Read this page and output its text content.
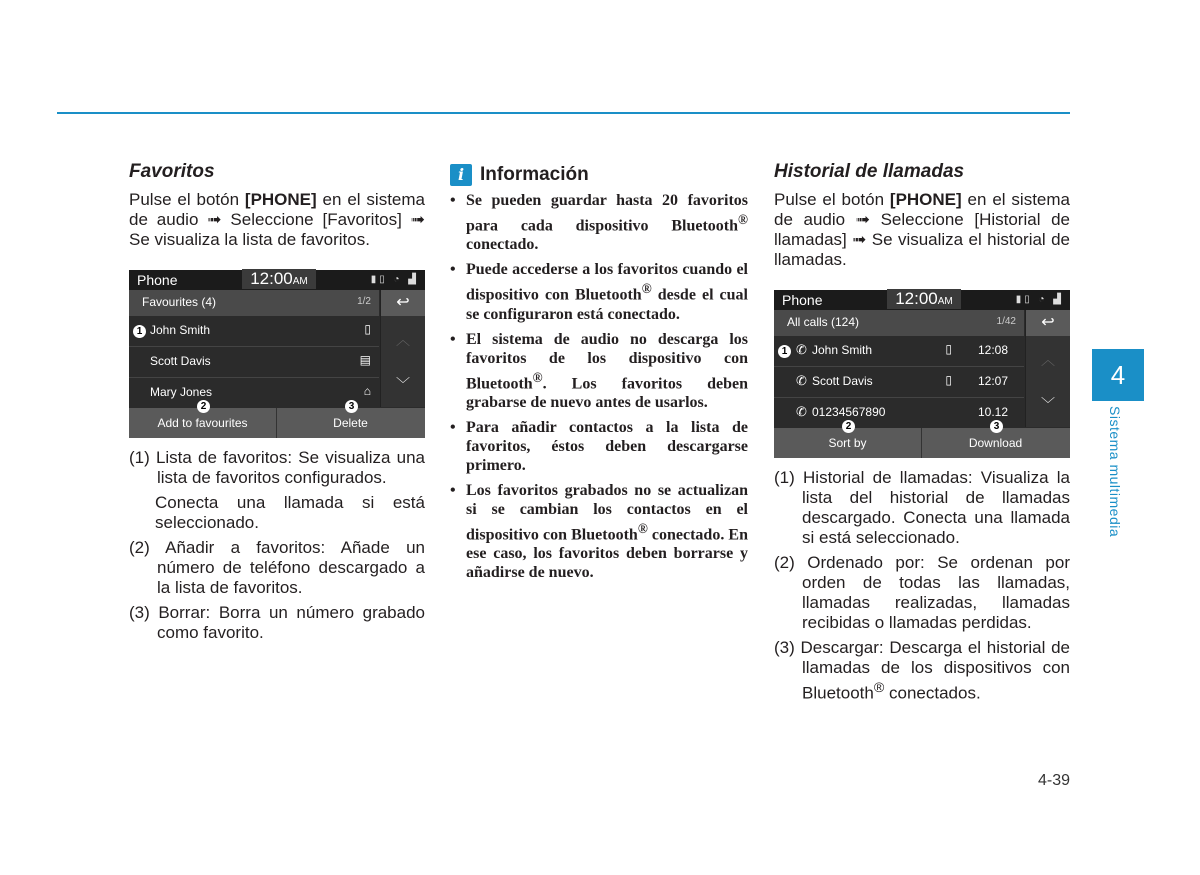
Favoritos

Pulse el botón [PHONE] en el sistema de audio ➟ Seleccione [Favoritos] ➟ Se visualiza la lista de favoritos.

Phone	12:00AM	▮▯ ◔ ▟
Favourites (4)	1/2	↩
1 John Smith	▯
Scott Davis	▤
Mary Jones	⌂
︿
﹀
2	3
Add to favourites	Delete
(1) Lista de favoritos: Se visualiza una lista de favoritos configurados.
Conecta una llamada si está seleccionado.
(2) Añadir a favoritos: Añade un número de teléfono descargado a la lista de favoritos.
(3) Borrar: Borra un número grabado como favorito.
i Información
• Se pueden guardar hasta 20 favoritos para cada dispositivo Bluetooth® conectado.
• Puede accederse a los favoritos cuando el dispositivo con Bluetooth® desde el cual se configuraron está conectado.
• El sistema de audio no descarga los favoritos de los dispositivo con Bluetooth®. Los favoritos deben grabarse de nuevo antes de usarlos.
• Para añadir contactos a la lista de favoritos, éstos deben descargarse primero.
• Los favoritos grabados no se actualizan si se cambian los contactos en el dispositivo con Bluetooth® conectado. En ese caso, los favoritos deben borrarse y añadirse de nuevo.
Historial de llamadas

Pulse el botón [PHONE] en el sistema de audio ➟ Seleccione [Historial de llamadas] ➟ Se visualiza el historial de llamadas.

Phone	12:00AM	▮▯ ◔ ▟
All calls (124)	1/42	↩
1 ✆ John Smith	▯ 12:08
✆ Scott Davis	▯ 12:07
✆ 01234567890	10.12
︿
﹀
2	3
Sort by	Download
(1) Historial de llamadas: Visualiza la lista del historial de llamadas descargado. Conecta una llamada si está seleccionado.
(2) Ordenado por: Se ordenan por orden de todas las llamadas, llamadas realizadas, llamadas recibidas o llamadas perdidas.
(3) Descargar: Descarga el historial de llamadas de los dispositivos con Bluetooth® conectados.
4
Sistema multimedia
4-39
